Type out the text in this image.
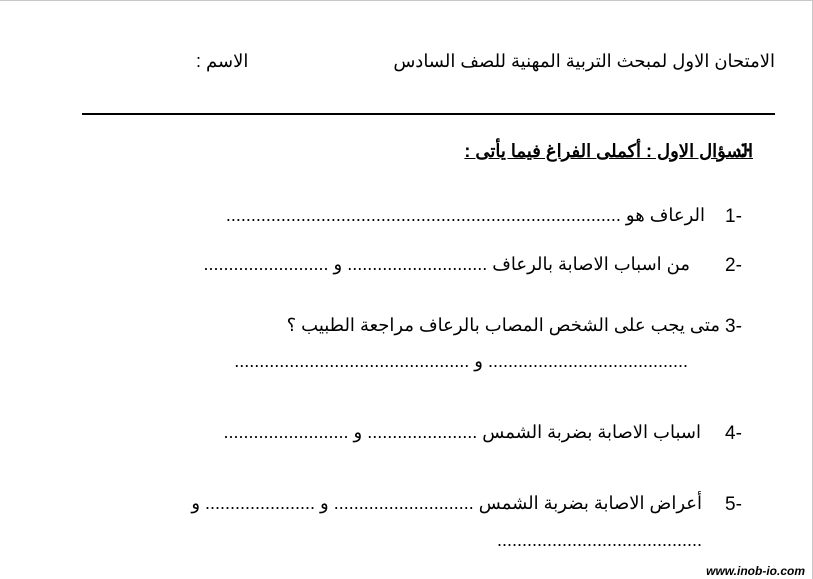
الامتحان الاول لمبحث التربية المهنية للصف السادس
الاسم :
السؤال الاول : أكملى الفراغ فيما يأتى :
1-
الرعاف هو ...............................................................................
2-
من اسباب الاصابة بالرعاف ............................ و .........................
3-
متى يجب على الشخص المصاب بالرعاف مراجعة الطبيب ؟
........................................ و ...............................................
4-
اسباب الاصابة بضربة الشمس ...................... و .........................
5-
أعراض الاصابة بضربة الشمس ............................ و ...................... و
.........................................
www.inob-io.com
